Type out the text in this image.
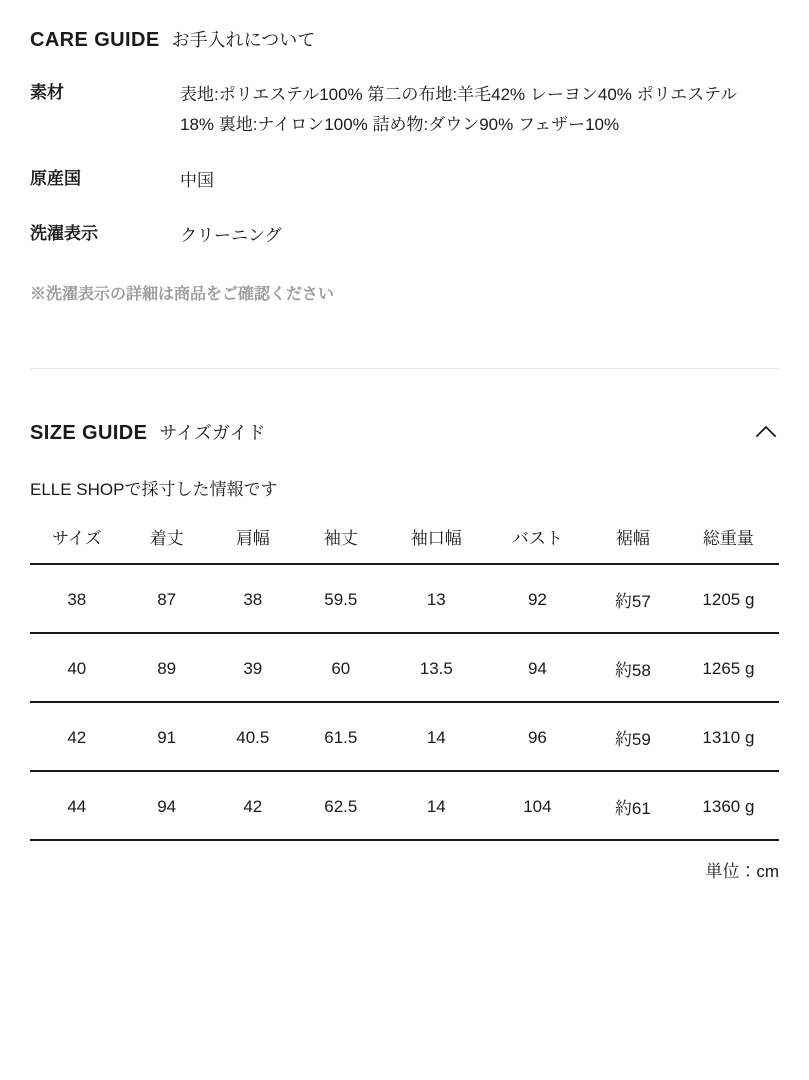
CARE GUIDE お手入れについて
素材	表地:ポリエステル100% 第二の布地:羊毛42% レーヨン40% ポリエステル18% 裏地:ナイロン100% 詰め物:ダウン90% フェザー10%
原産国	中国
洗濯表示	クリーニング

※洗濯表示の詳細は商品をご確認ください

SIZE GUIDE サイズガイド

ELLE SHOPで採寸した情報です

サイズ	着丈	肩幅	袖丈	袖口幅	バスト	裾幅	総重量
38	87	38	59.5	13	92	約57	1205 g
40	89	39	60	13.5	94	約58	1265 g
42	91	40.5	61.5	14	96	約59	1310 g
44	94	42	62.5	14	104	約61	1360 g
単位：cm
